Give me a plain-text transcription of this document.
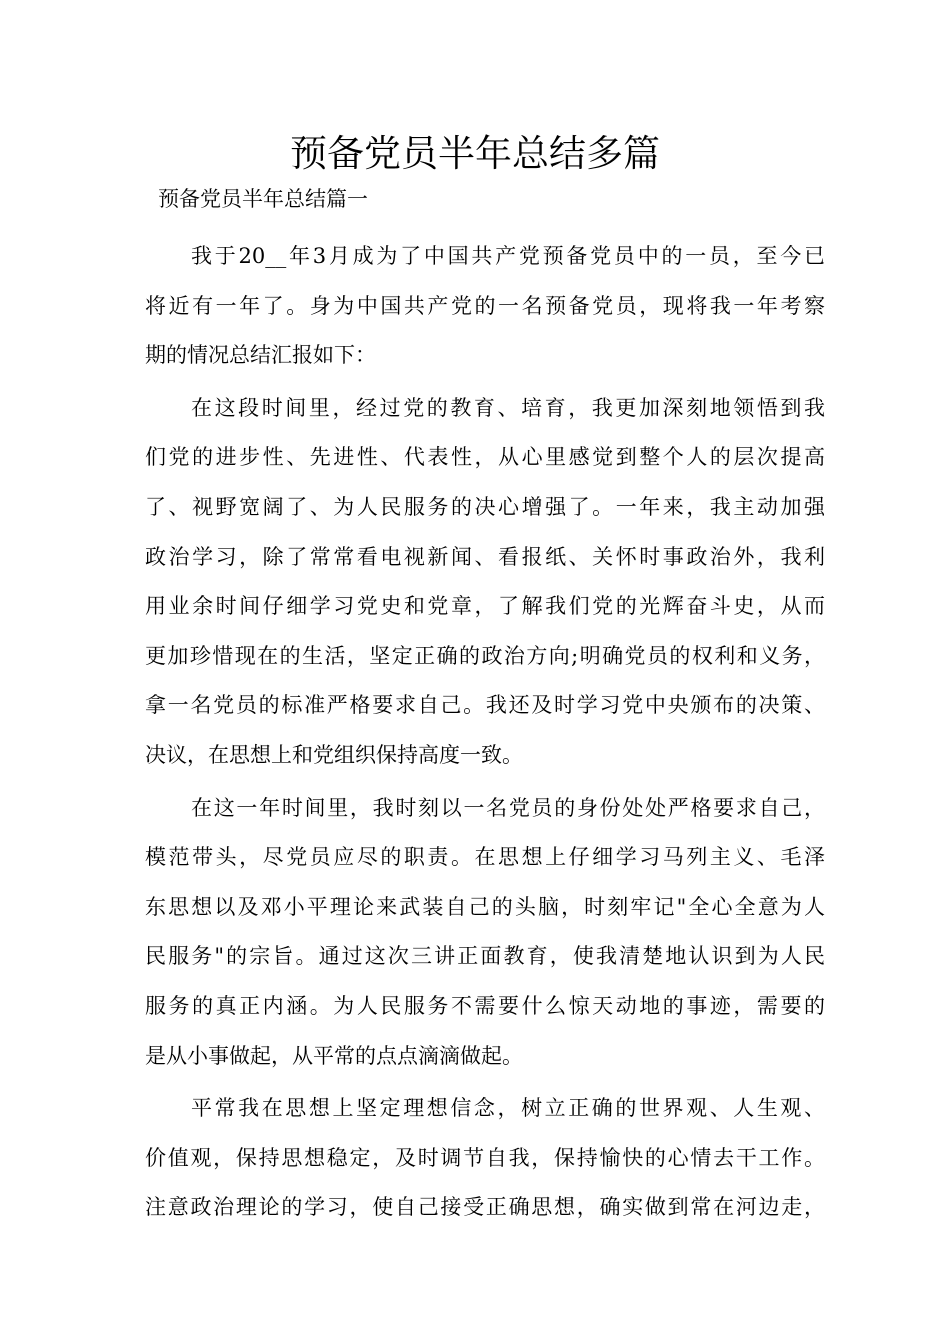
预备党员半年总结多篇

预备党员半年总结篇一

我于20__年3月成为了中国共产党预备党员中的一员，至今已
将近有一年了。身为中国共产党的一名预备党员，现将我一年考察
期的情况总结汇报如下：
在这段时间里，经过党的教育、培育，我更加深刻地领悟到我
们党的进步性、先进性、代表性，从心里感觉到整个人的层次提高
了、视野宽阔了、为人民服务的决心增强了。一年来，我主动加强
政治学习，除了常常看电视新闻、看报纸、关怀时事政治外，我利
用业余时间仔细学习党史和党章，了解我们党的光辉奋斗史，从而
更加珍惜现在的生活，坚定正确的政治方向;明确党员的权利和义务，
拿一名党员的标准严格要求自己。我还及时学习党中央颁布的决策、
决议，在思想上和党组织保持高度一致。
在这一年时间里，我时刻以一名党员的身份处处严格要求自己，
模范带头，尽党员应尽的职责。在思想上仔细学习马列主义、毛泽
东思想以及邓小平理论来武装自己的头脑，时刻牢记"全心全意为人
民服务"的宗旨。通过这次三讲正面教育，使我清楚地认识到为人民
服务的真正内涵。为人民服务不需要什么惊天动地的事迹，需要的
是从小事做起，从平常的点点滴滴做起。
平常我在思想上坚定理想信念，树立正确的世界观、人生观、
价值观，保持思想稳定，及时调节自我，保持愉快的心情去干工作。
注意政治理论的学习，使自己接受正确思想，确实做到常在河边走，
